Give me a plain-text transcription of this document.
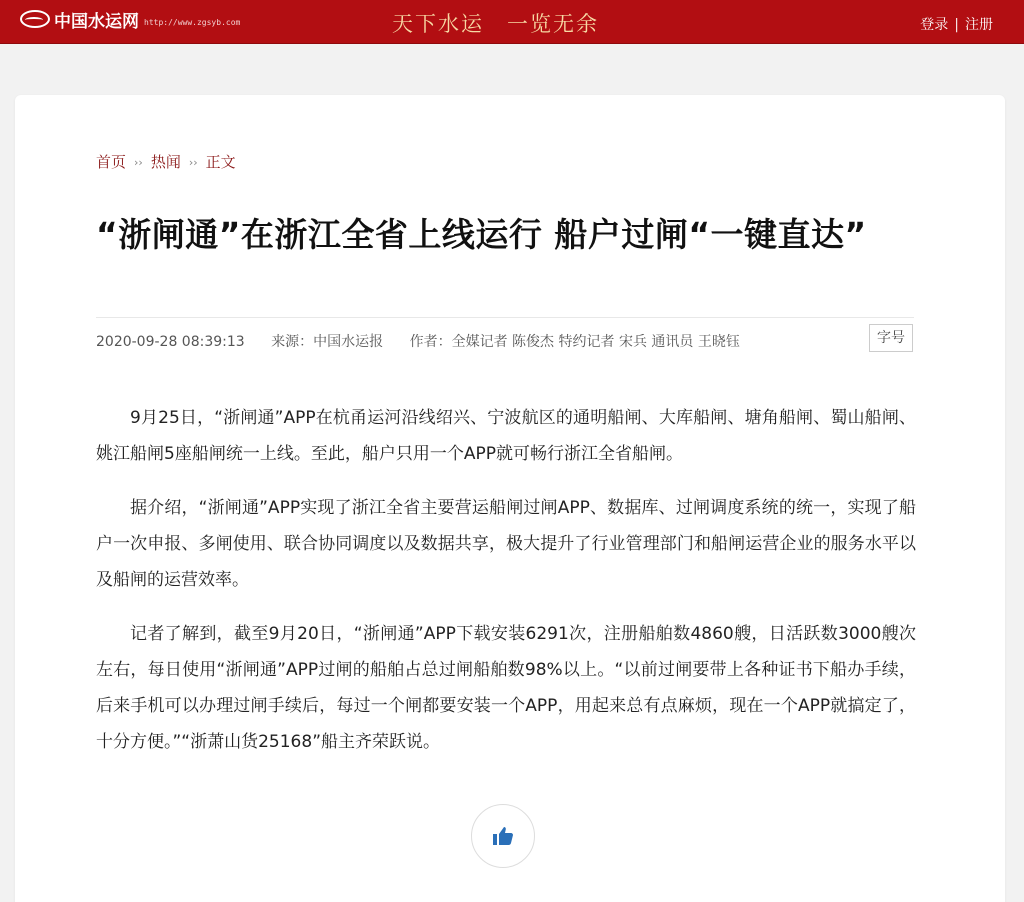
中国水运网 http://www.zgsyb.com	天下水运　一览无余	登录 | 注册
首页 ›› 热闻 ›› 正文
“浙闸通”在浙江全省上线运行 船户过闸“一键直达”
2020-09-28 08:39:13 来源：中国水运报 作者：全媒记者 陈俊杰 特约记者 宋兵 通讯员 王晓钰	字号

9月25日，“浙闸通”APP在杭甬运河沿线绍兴、宁波航区的通明船闸、大库船闸、塘角船闸、蜀山船闸、姚江船闸5座船闸统一上线。至此，船户只用一个APP就可畅行浙江全省船闸。

据介绍，“浙闸通”APP实现了浙江全省主要营运船闸过闸APP、数据库、过闸调度系统的统一，实现了船户一次申报、多闸使用、联合协同调度以及数据共享，极大提升了行业管理部门和船闸运营企业的服务水平以及船闸的运营效率。

记者了解到，截至9月20日，“浙闸通”APP下载安装6291次，注册船舶数4860艘，日活跃数3000艘次左右，每日使用“浙闸通”APP过闸的船舶占总过闸船舶数98%以上。“以前过闸要带上各种证书下船办手续，后来手机可以办理过闸手续后，每过一个闸都要安装一个APP，用起来总有点麻烦，现在一个APP就搞定了，十分方便。”“浙萧山货25168”船主齐荣跃说。
